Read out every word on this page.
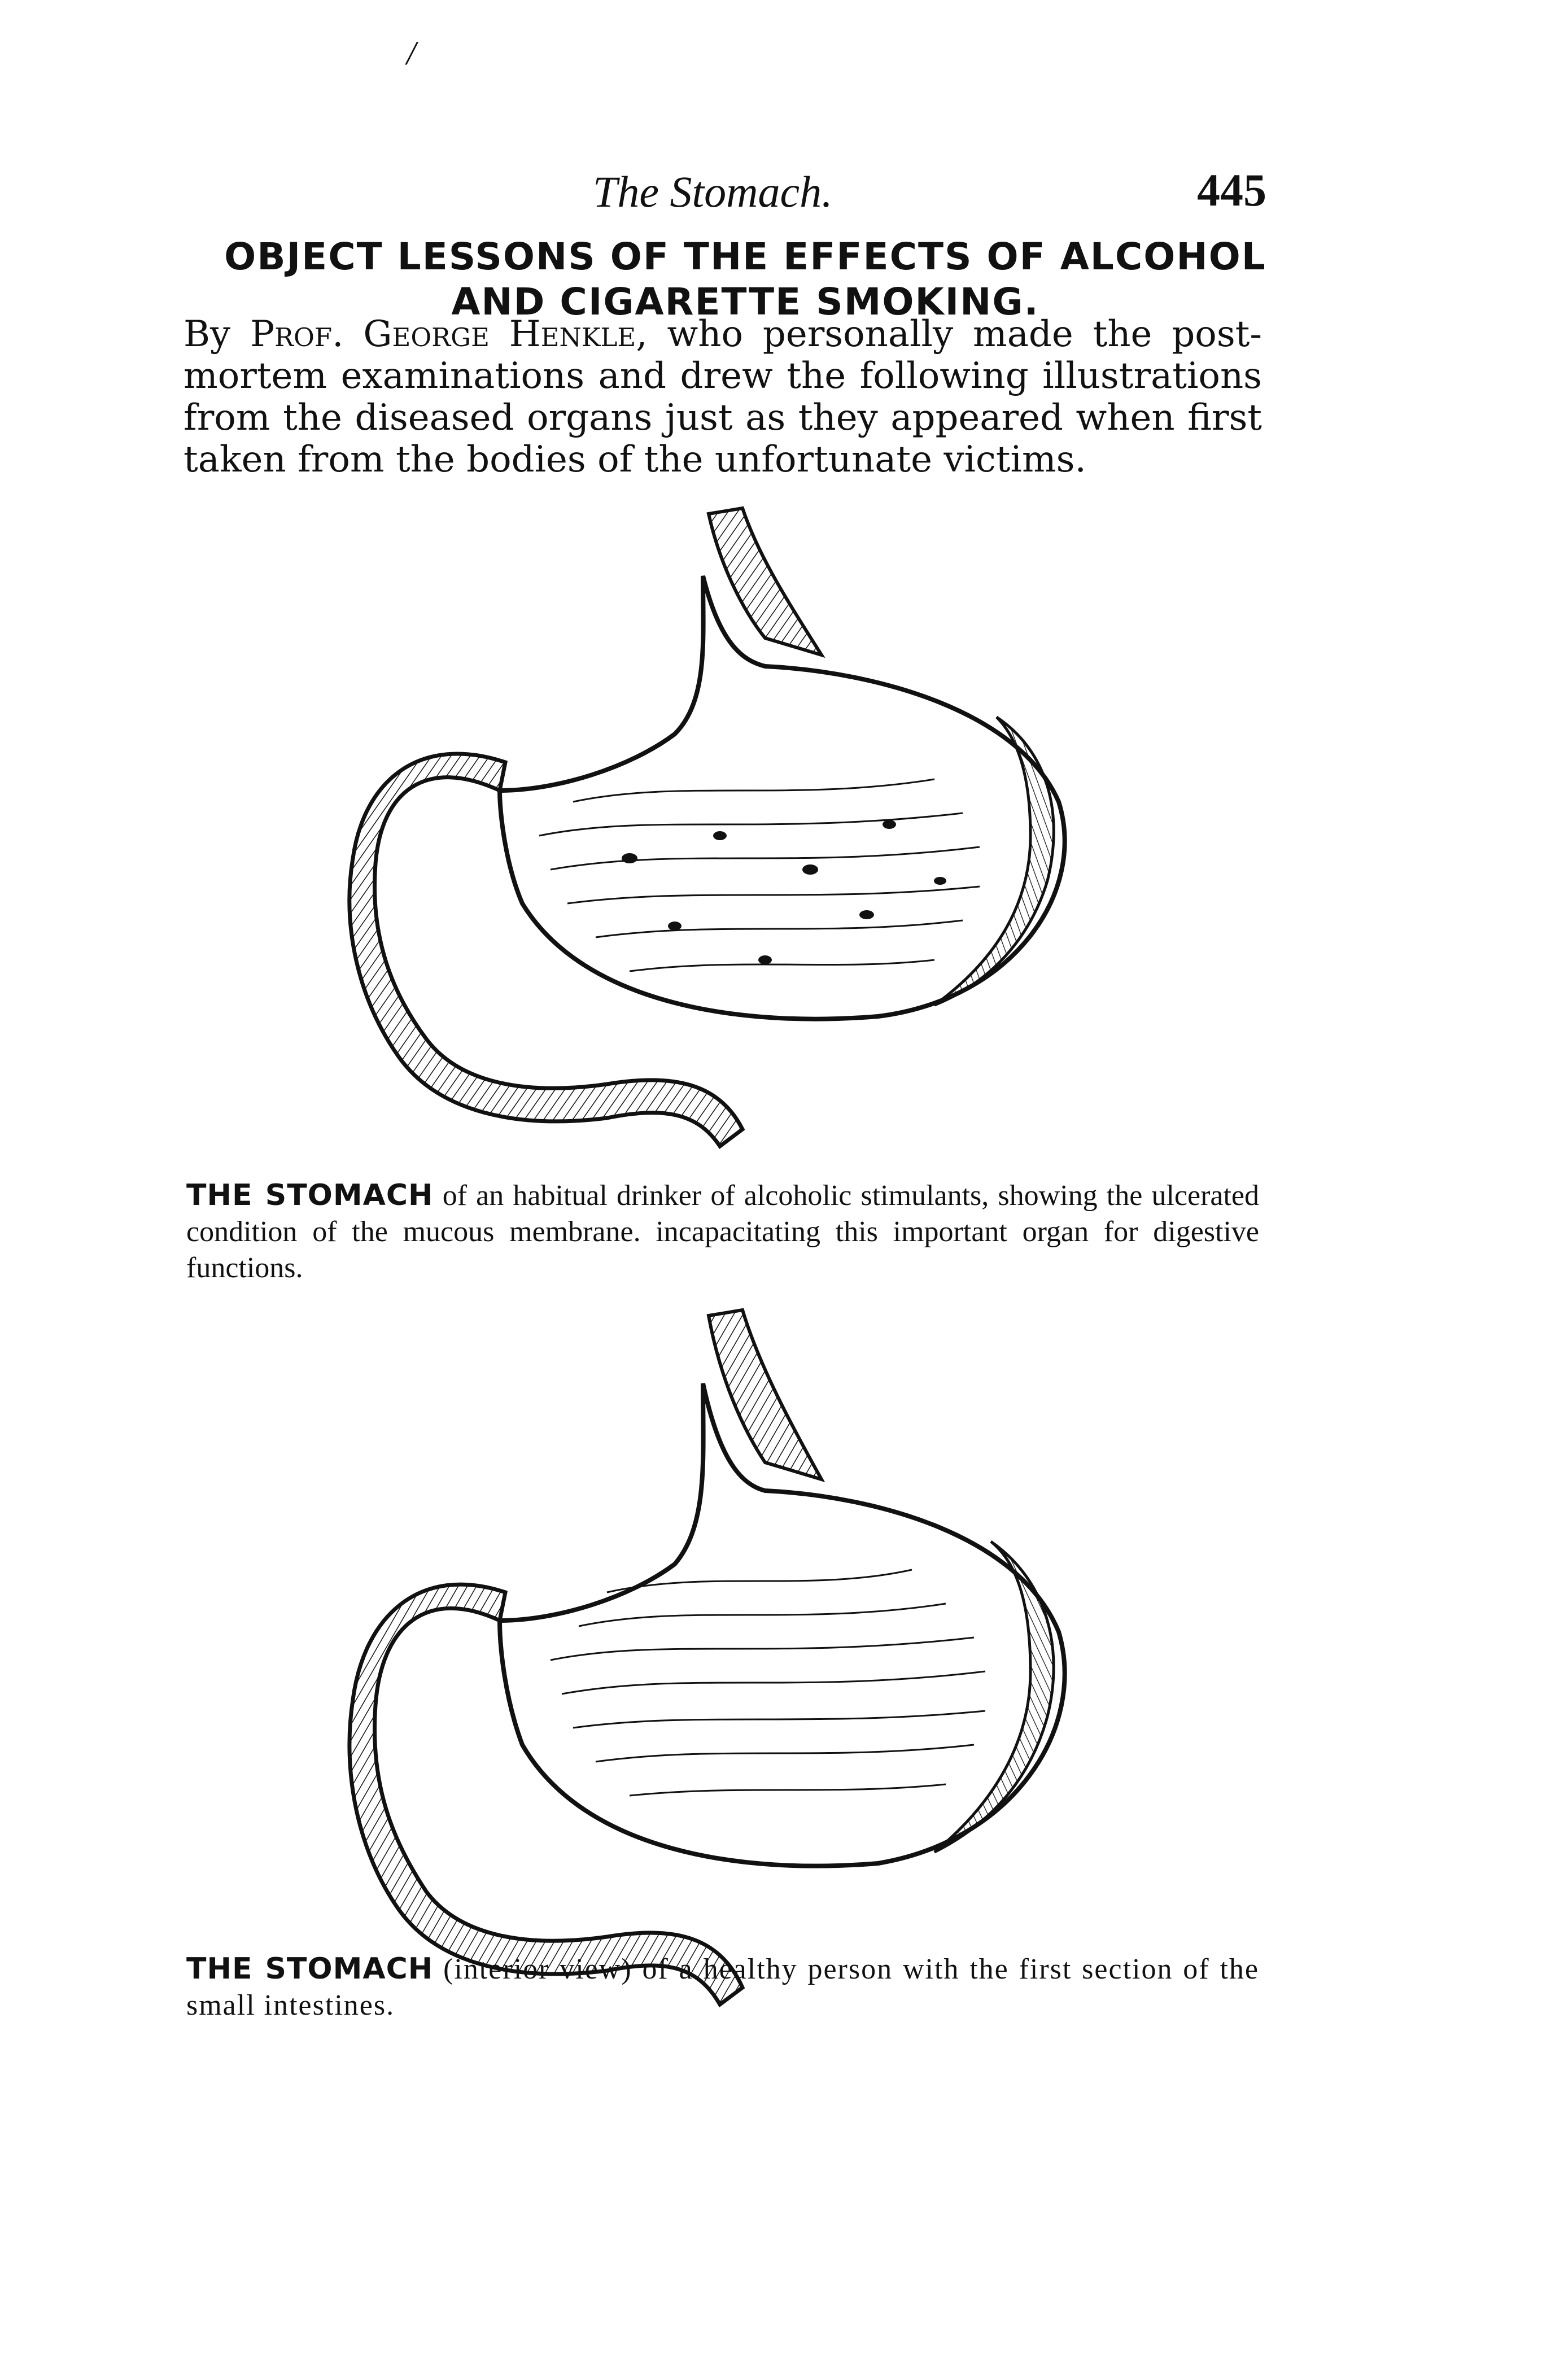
/
The Stomach.	445
OBJECT LESSONS OF THE EFFECTS OF ALCOHOL
AND CIGARETTE SMOKING.
By Prof. George Henkle, who personally made the post-mortem examinations and drew the following illustrations from the diseased organs just as they appeared when first taken from the bodies of the unfortunate victims.
THE STOMACH of an habitual drinker of alcoholic stimulants, showing the ulcerated condition of the mucous membrane. incapacitating this important organ for digestive functions.
THE STOMACH (interior view) of a healthy person with the first section of the small intestines.
